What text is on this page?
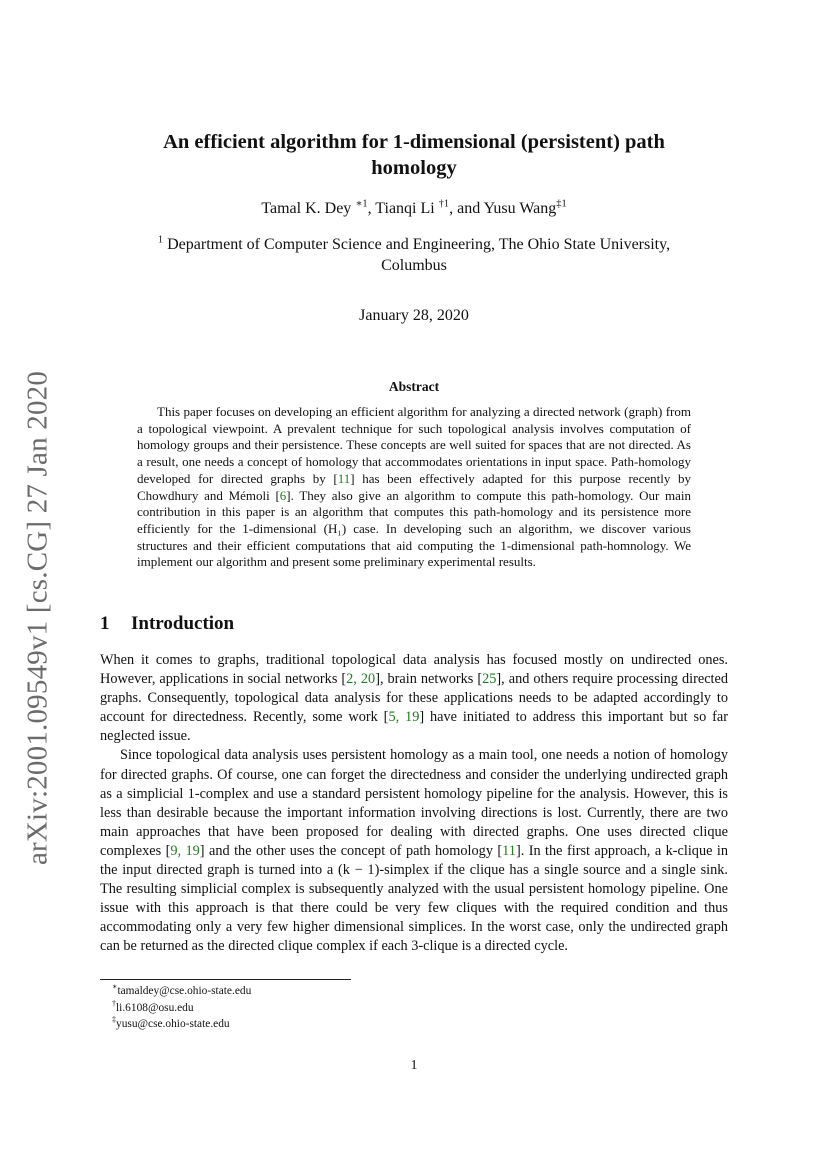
arXiv:2001.09549v1 [cs.CG] 27 Jan 2020
An efficient algorithm for 1-dimensional (persistent) path
homology
Tamal K. Dey $^{∗1}$, Tianqi Li $^{\dagger 1}$, and Yusu Wang$^{\ddagger 1}$
$^1$ Department of Computer Science and Engineering, The Ohio State University,
Columbus
January 28, 2020
Abstract

This paper focuses on developing an efficient algorithm for analyzing a directed network (graph) from a topological viewpoint. A prevalent technique for such topological analysis involves computation of homology groups and their persistence. These concepts are well suited for spaces that are not directed. As a result, one needs a concept of homology that accommodates orientations in input space. Path-homology developed for directed graphs by [11] has been effectively adapted for this purpose recently by Chowdhury and Mémoli [6]. They also give an algorithm to compute this path-homology. Our main contribution in this paper is an algorithm that computes this path-homology and its persistence more efficiently for the 1-dimensional (H₁) case. In developing such an algorithm, we discover various structures and their efficient computations that aid computing the 1-dimensional path-homnology. We implement our algorithm and present some preliminary experimental results.

1 Introduction

When it comes to graphs, traditional topological data analysis has focused mostly on undirected ones. However, applications in social networks [2, 20], brain networks [25], and others require processing directed graphs. Consequently, topological data analysis for these applications needs to be adapted accordingly to account for directedness. Recently, some work [5, 19] have initiated to address this important but so far neglected issue.

Since topological data analysis uses persistent homology as a main tool, one needs a notion of homology for directed graphs. Of course, one can forget the directedness and consider the underlying undirected graph as a simplicial 1-complex and use a standard persistent homology pipeline for the analysis. However, this is less than desirable because the important information involving directions is lost. Currently, there are two main approaches that have been proposed for dealing with directed graphs. One uses directed clique complexes [9, 19] and the other uses the concept of path homology [11]. In the first approach, a k-clique in the input directed graph is turned into a (k − 1)-simplex if the clique has a single source and a single sink. The resulting simplicial complex is subsequently analyzed with the usual persistent homology pipeline. One issue with this approach is that there could be very few cliques with the required condition and thus accommodating only a very few higher dimensional simplices. In the worst case, only the undirected graph can be returned as the directed clique complex if each 3-clique is a directed cycle.

∗tamaldey@cse.ohio-state.edu
†li.6108@osu.edu
‡yusu@cse.ohio-state.edu
1
